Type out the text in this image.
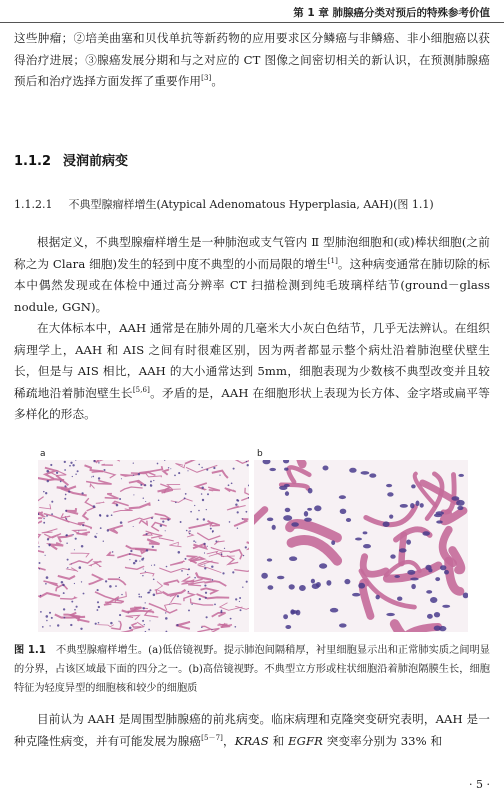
第 1 章 肺腺癌分类对预后的特殊参考价值
这些肿瘤；②培美曲塞和贝伐单抗等新药物的应用要求区分鳞癌与非鳞癌、非小细胞癌以获得治疗进展；③腺癌发展分期和与之对应的 CT 图像之间密切相关的新认识，在预测肺腺癌预后和治疗选择方面发挥了重要作用[3]。
1.1.2 浸润前病变
1.1.2.1 不典型腺瘤样增生(Atypical Adenomatous Hyperplasia, AAH)(图 1.1)
根据定义，不典型腺瘤样增生是一种肺泡或支气管内 Ⅱ 型肺泡细胞和(或)棒状细胞(之前称之为 Clara 细胞)发生的轻到中度不典型的小而局限的增生[1]。这种病变通常在肺切除的标本中偶然发现或在体检中通过高分辨率 CT 扫描检测到纯毛玻璃样结节(ground－glass nodule, GGN)。
在大体标本中，AAH 通常是在肺外周的几毫米大小灰白色结节，几乎无法辨认。在组织病理学上，AAH 和 AIS 之间有时很难区别，因为两者都显示整个病灶沿着肺泡壁伏壁生长，但是与 AIS 相比，AAH 的大小通常达到 5mm，细胞表现为少数核不典型改变并且较稀疏地沿着肺泡壁生长[5,6]。矛盾的是，AAH 在细胞形状上表现为长方体、金字塔或扁平等多样化的形态。
a	b
图 1.1 不典型腺瘤样增生。(a)低倍镜视野。提示肺泡间隔稍厚，衬里细胞显示出和正常肺实质之间明显的分界，占该区域最下面的四分之一。(b)高倍镜视野。不典型立方形或柱状细胞沿着肺泡隔膜生长，细胞特征为轻度异型的细胞核和较少的细胞质
目前认为 AAH 是周围型肺腺癌的前兆病变。临床病理和克隆突变研究表明，AAH 是一种克隆性病变，并有可能发展为腺癌[5－7]，KRAS 和 EGFR 突变率分别为 33% 和
· 5 ·
